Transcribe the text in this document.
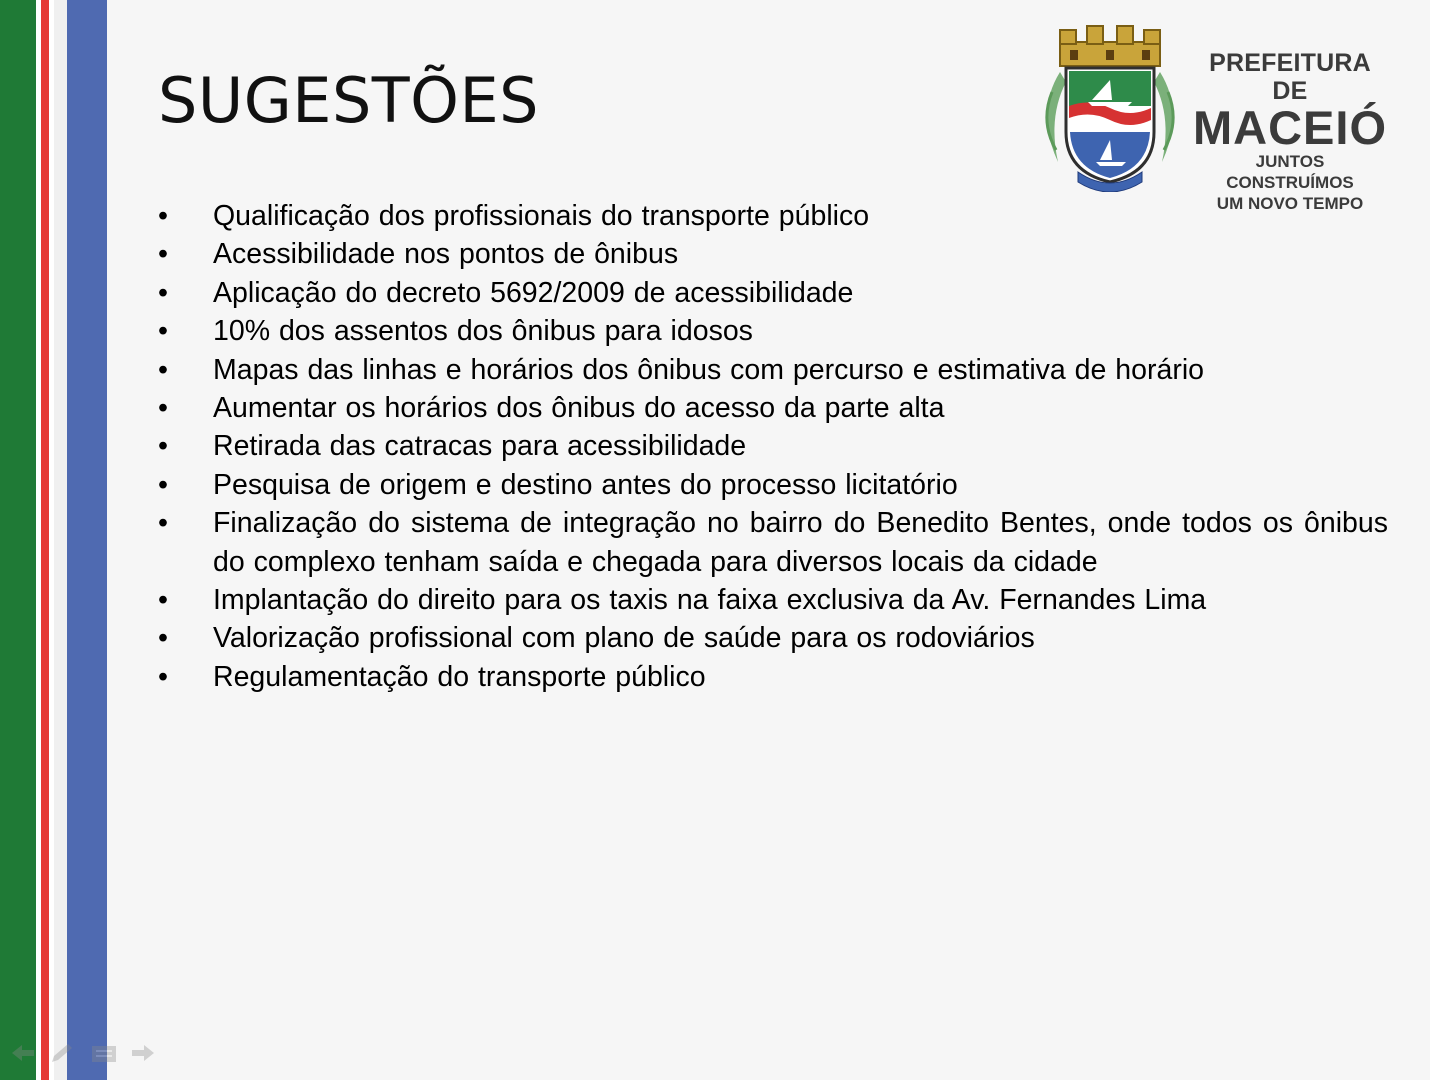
SUGESTÕES
PREFEITURA DE
MACEIÓ
JUNTOS CONSTRUÍMOS
UM NOVO TEMPO
•	Qualificação dos profissionais do transporte público
•	Acessibilidade nos pontos de ônibus
•	Aplicação do decreto 5692/2009 de acessibilidade
•	10% dos assentos dos ônibus para idosos
•	Mapas das linhas e horários dos ônibus com percurso e estimativa de horário
•	Aumentar os horários dos ônibus do acesso da parte alta
•	Retirada das catracas para acessibilidade
•	Pesquisa de origem e destino antes do processo licitatório
•	Finalização do sistema de integração no bairro do Benedito Bentes, onde todos os ônibus do complexo tenham saída e chegada para diversos locais da cidade
•	Implantação do direito para os taxis na faixa exclusiva da Av. Fernandes Lima
•	Valorização profissional com plano de saúde para os rodoviários
•	Regulamentação do transporte público
